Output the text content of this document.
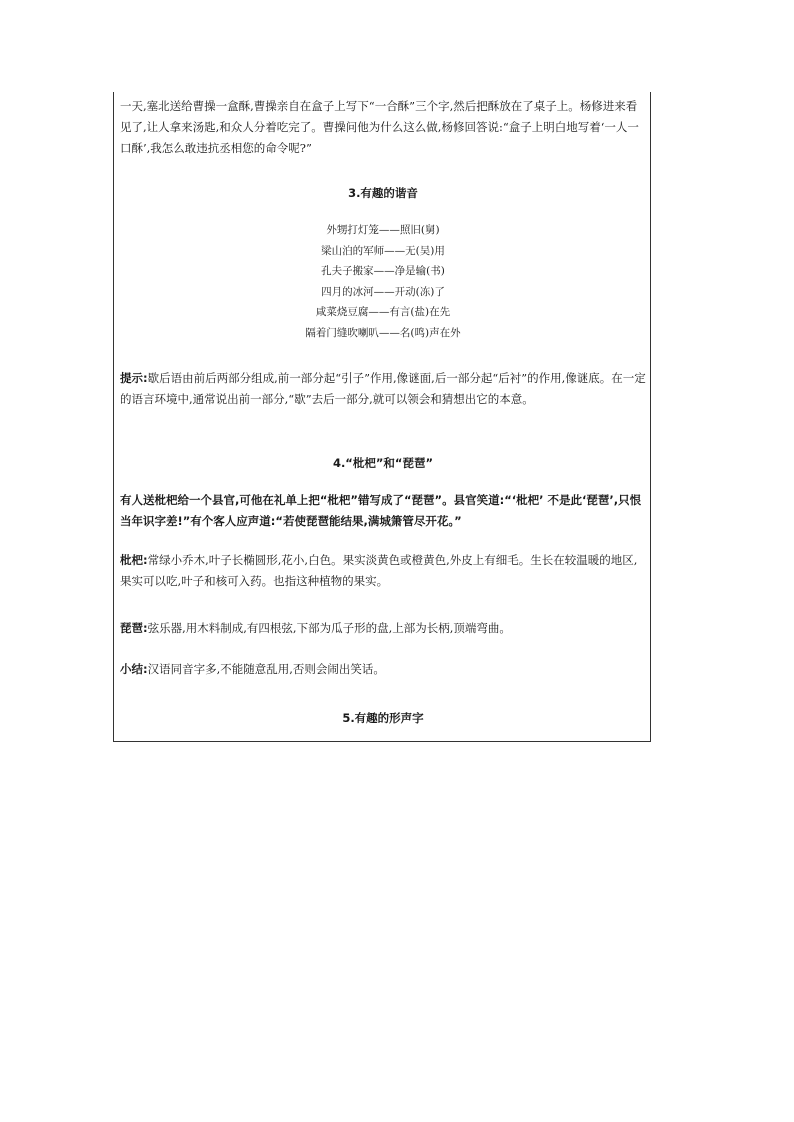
一天,塞北送给曹操一盒酥,曹操亲自在盒子上写下“一合酥”三个字,然后把酥放在了桌子上。杨修进来看见了,让人拿来汤匙,和众人分着吃完了。曹操问他为什么这么做,杨修回答说:“盒子上明白地写着‘一人一口酥’,我怎么敢违抗丞相您的命令呢?”

3.有趣的谐音
外甥打灯笼——照旧(舅)
梁山泊的军师——无(吴)用
孔夫子搬家——净是输(书)
四月的冰河——开动(冻)了
咸菜烧豆腐——有言(盐)在先
隔着门缝吹喇叭——名(鸣)声在外

提示:歇后语由前后两部分组成,前一部分起“引子”作用,像谜面,后一部分起“后衬”的作用,像谜底。在一定的语言环境中,通常说出前一部分,“歇”去后一部分,就可以领会和猜想出它的本意。

4.“枇杷”和“琵琶”

有人送枇杷给一个县官,可他在礼单上把“枇杷”错写成了“琵琶”。县官笑道:“‘枇杷’ 不是此‘琵琶’,只恨当年识字差!”有个客人应声道:“若使琵琶能结果,满城箫管尽开花。”

枇杷:常绿小乔木,叶子长椭圆形,花小,白色。果实淡黄色或橙黄色,外皮上有细毛。生长在较温暖的地区,果实可以吃,叶子和核可入药。也指这种植物的果实。

琵琶:弦乐器,用木料制成,有四根弦,下部为瓜子形的盘,上部为长柄,顶端弯曲。

小结:汉语同音字多,不能随意乱用,否则会闹出笑话。

5.有趣的形声字
